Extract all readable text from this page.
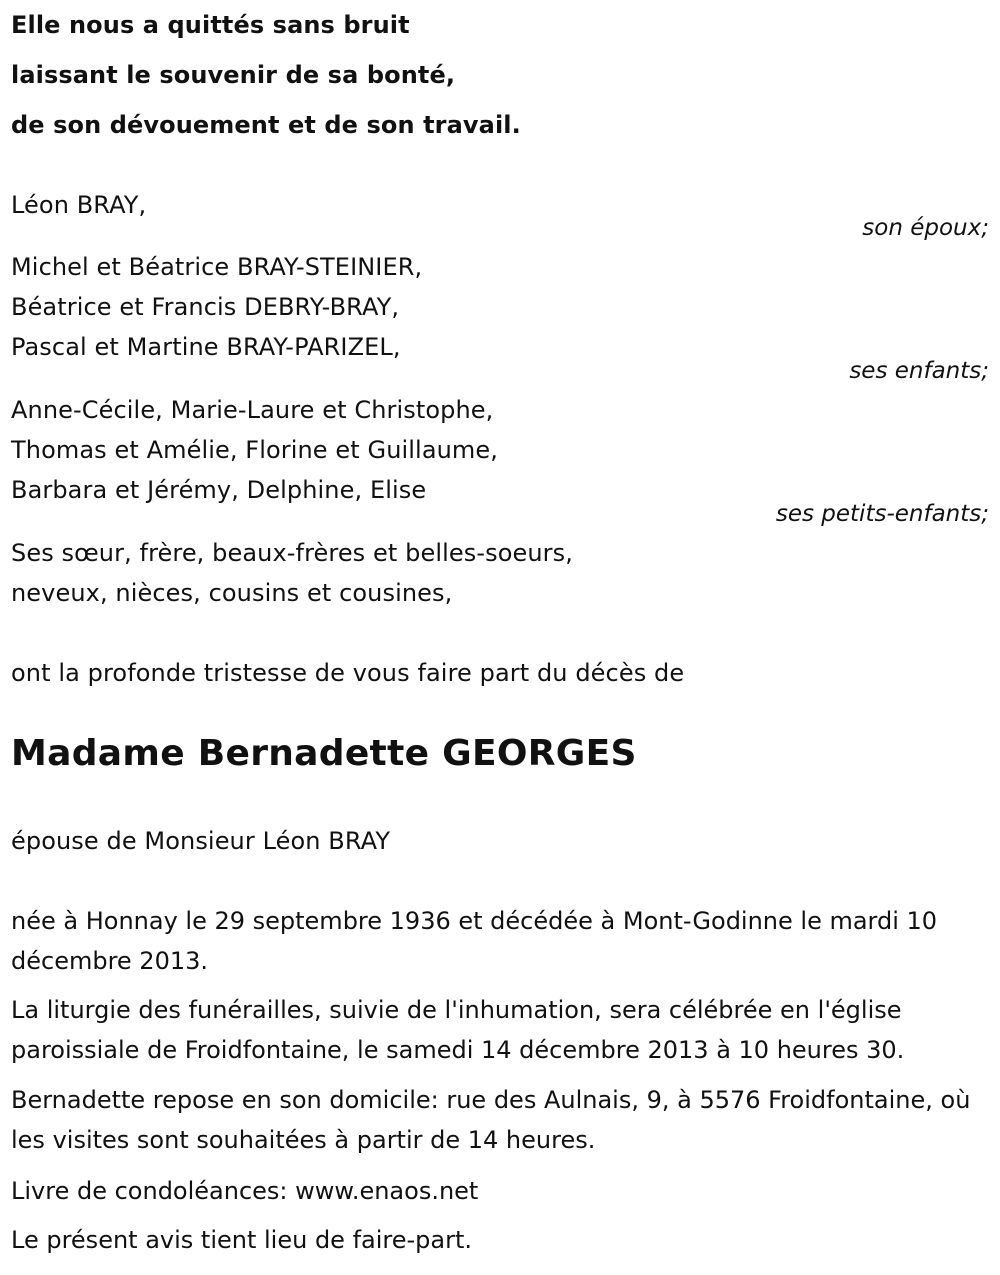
Elle nous a quittés sans bruit
laissant le souvenir de sa bonté,
de son dévouement et de son travail.
Léon BRAY,
son époux;
Michel et Béatrice BRAY-STEINIER,
Béatrice et Francis DEBRY-BRAY,
Pascal et Martine BRAY-PARIZEL,
ses enfants;
Anne-Cécile, Marie-Laure et Christophe,
Thomas et Amélie, Florine et Guillaume,
Barbara et Jérémy, Delphine, Elise
ses petits-enfants;
Ses sœur, frère, beaux-frères et belles-soeurs,
neveux, nièces, cousins et cousines,
ont la profonde tristesse de vous faire part du décès de
Madame Bernadette GEORGES
épouse de Monsieur Léon BRAY
née à Honnay le 29 septembre 1936 et décédée à Mont-Godinne le mardi 10 décembre 2013.
La liturgie des funérailles, suivie de l'inhumation, sera célébrée en l'église paroissiale de Froidfontaine, le samedi 14 décembre 2013 à 10 heures 30.
Bernadette repose en son domicile: rue des Aulnais, 9, à 5576 Froidfontaine, où les visites sont souhaitées à partir de 14 heures.
Livre de condoléances: www.enaos.net
Le présent avis tient lieu de faire-part.
